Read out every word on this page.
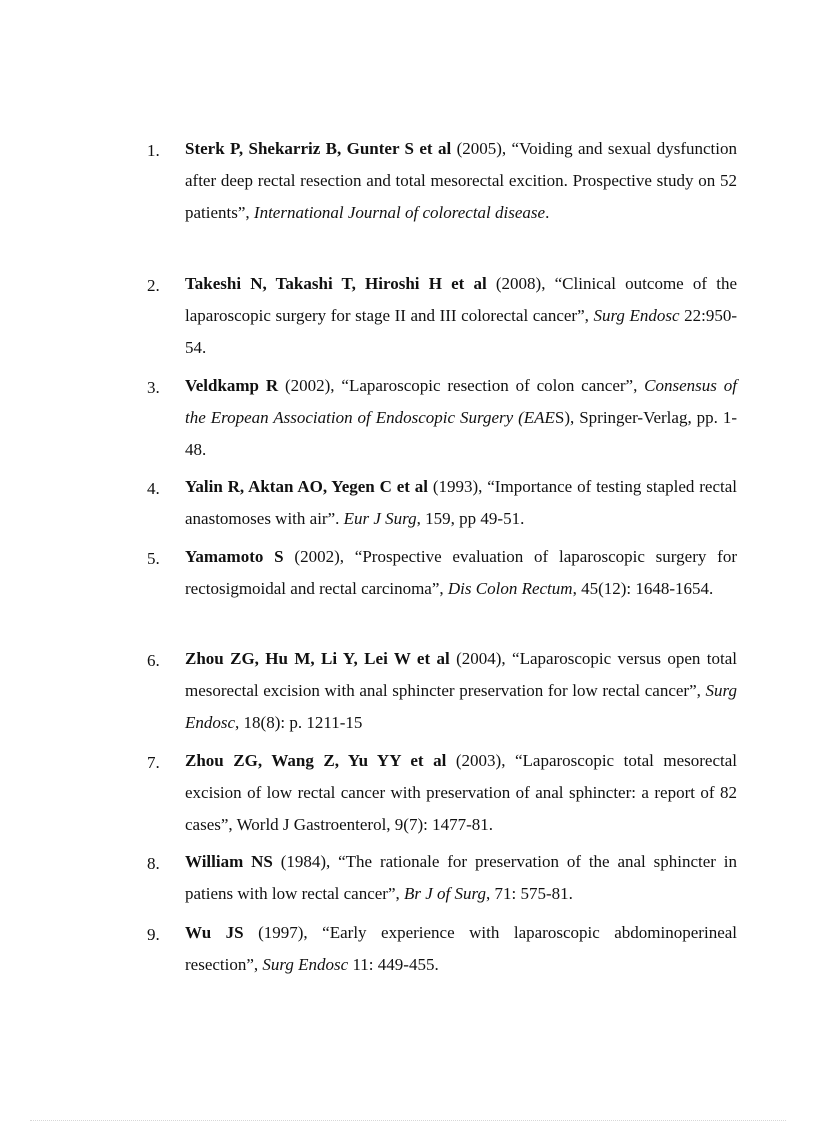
1.	Sterk P, Shekarriz B, Gunter S et al (2005), “Voiding and sexual dysfunction after deep rectal resection and total mesorectal excition. Prospective study on 52 patients”, International Journal of colorectal disease.
2.	Takeshi N, Takashi T, Hiroshi H et al (2008), “Clinical outcome of the laparoscopic surgery for stage II and III colorectal cancer”, Surg Endosc 22:950-54.
3.	Veldkamp R (2002), “Laparoscopic resection of colon cancer”, Consensus of the Eropean Association of Endoscopic Surgery (EAES), Springer-Verlag, pp. 1-48.
4.	Yalin R, Aktan AO, Yegen C et al (1993), “Importance of testing stapled rectal anastomoses with air”. Eur J Surg, 159, pp 49-51.
5.	Yamamoto S (2002), “Prospective evaluation of laparoscopic surgery for rectosigmoidal and rectal carcinoma”, Dis Colon Rectum, 45(12): 1648-1654.
6.	Zhou ZG, Hu M, Li Y, Lei W et al (2004), “Laparoscopic versus open total mesorectal excision with anal sphincter preservation for low rectal cancer”, Surg Endosc, 18(8): p. 1211-15
7.	Zhou ZG, Wang Z, Yu YY et al (2003), “Laparoscopic total mesorectal excision of low rectal cancer with preservation of anal sphincter: a report of 82 cases”, World J Gastroenterol, 9(7): 1477-81.
8.	William NS (1984), “The rationale for preservation of the anal sphincter in patiens with low rectal cancer”, Br J of Surg, 71: 575-81.
9.	Wu JS (1997), “Early experience with laparoscopic abdominoperineal resection”, Surg Endosc 11: 449-455.
